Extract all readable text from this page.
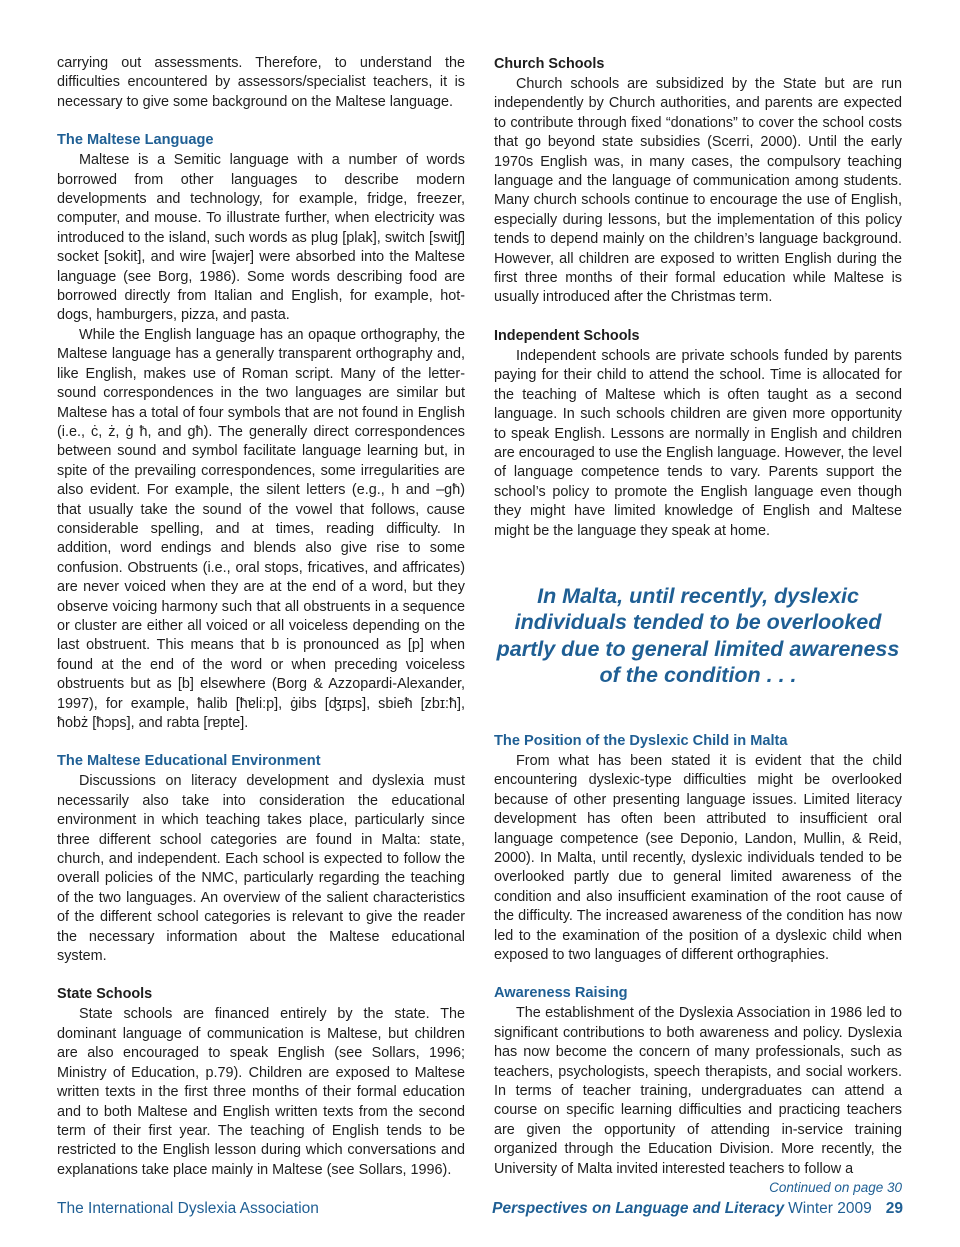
carrying out assessments. Therefore, to understand the difficulties encountered by assessors/specialist teachers, it is necessary to give some background on the Maltese language.

The Maltese Language

Maltese is a Semitic language with a number of words borrowed from other languages to describe modern developments and technology, for example, fridge, freezer, computer, and mouse. To illustrate further, when electricity was introduced to the island, such words as plug [plak], switch [switʃ] socket [sokit], and wire [wajer] were absorbed into the Maltese language (see Borg, 1986). Some words describing food are borrowed directly from Italian and English, for example, hot-dogs, hamburgers, pizza, and pasta.

While the English language has an opaque orthography, the Maltese language has a generally transparent orthography and, like English, makes use of Roman script. Many of the letter-sound correspondences in the two languages are similar but Maltese has a total of four symbols that are not found in English (i.e., ċ, ż, ġ ħ, and għ). The generally direct correspondences between sound and symbol facilitate language learning but, in spite of the prevailing correspondences, some irregularities are also evident. For example, the silent letters (e.g., h and –għ) that usually take the sound of the vowel that follows, cause considerable spelling, and at times, reading difficulty. In addition, word endings and blends also give rise to some confusion. Obstruents (i.e., oral stops, fricatives, and affricates) are never voiced when they are at the end of a word, but they observe voicing harmony such that all obstruents in a sequence or cluster are either all voiced or all voiceless depending on the last obstruent. This means that b is pronounced as [p] when found at the end of the word or when preceding voiceless obstruents but as [b] elsewhere (Borg & Azzopardi-Alexander, 1997), for example, ħalib [ħɐli:p], ġibs [ʤɪps], sbieħ [zbɪ:ħ], ħobż [ħɔps], and rabta [rɐpte].

The Maltese Educational Environment

Discussions on literacy development and dyslexia must necessarily also take into consideration the educational environment in which teaching takes place, particularly since three different school categories are found in Malta: state, church, and independent. Each school is expected to follow the overall policies of the NMC, particularly regarding the teaching of the two languages. An overview of the salient characteristics of the different school categories is relevant to give the reader the necessary information about the Maltese educational system.

State Schools

State schools are financed entirely by the state. The dominant language of communication is Maltese, but children are also encouraged to speak English (see Sollars, 1996; Ministry of Education, p.79). Children are exposed to Maltese written texts in the first three months of their formal education and to both Maltese and English written texts from the second term of their first year. The teaching of English tends to be restricted to the English lesson during which conversations and explanations take place mainly in Maltese (see Sollars, 1996).

Church Schools

Church schools are subsidized by the State but are run independently by Church authorities, and parents are expected to contribute through fixed “donations” to cover the school costs that go beyond state subsidies (Scerri, 2000). Until the early 1970s English was, in many cases, the compulsory teaching language and the language of communication among students. Many church schools continue to encourage the use of English, especially during lessons, but the implementation of this policy tends to depend mainly on the children’s language background. However, all children are exposed to written English during the first three months of their formal education while Maltese is usually introduced after the Christmas term.

Independent Schools

Independent schools are private schools funded by parents paying for their child to attend the school. Time is allocated for the teaching of Maltese which is often taught as a second language. In such schools children are given more opportunity to speak English. Lessons are normally in English and children are encouraged to use the English language. However, the level of language competence tends to vary. Parents support the school’s policy to promote the English language even though they might have limited knowledge of English and Maltese might be the language they speak at home.

In Malta, until recently, dyslexic
individuals tended to be overlooked
partly due to general limited awareness
of the condition . . .
The Position of the Dyslexic Child in Malta

From what has been stated it is evident that the child encountering dyslexic-type difficulties might be overlooked because of other presenting language issues. Limited literacy development has often been attributed to insufficient oral language competence (see Deponio, Landon, Mullin, & Reid, 2000). In Malta, until recently, dyslexic individuals tended to be overlooked partly due to general limited awareness of the condition and also insufficient examination of the root cause of the difficulty. The increased awareness of the condition has now led to the examination of the position of a dyslexic child when exposed to two languages of different orthographies.

Awareness Raising

The establishment of the Dyslexia Association in 1986 led to significant contributions to both awareness and policy. Dyslexia has now become the concern of many professionals, such as teachers, psychologists, speech therapists, and social workers. In terms of teacher training, undergraduates can attend a course on specific learning difficulties and practicing teachers are given the opportunity of attending in-service training organized through the Education Division. More recently, the University of Malta invited interested teachers to follow a

Continued on page 30
The International Dyslexia Association	Perspectives on Language and Literacy Winter 2009 29
